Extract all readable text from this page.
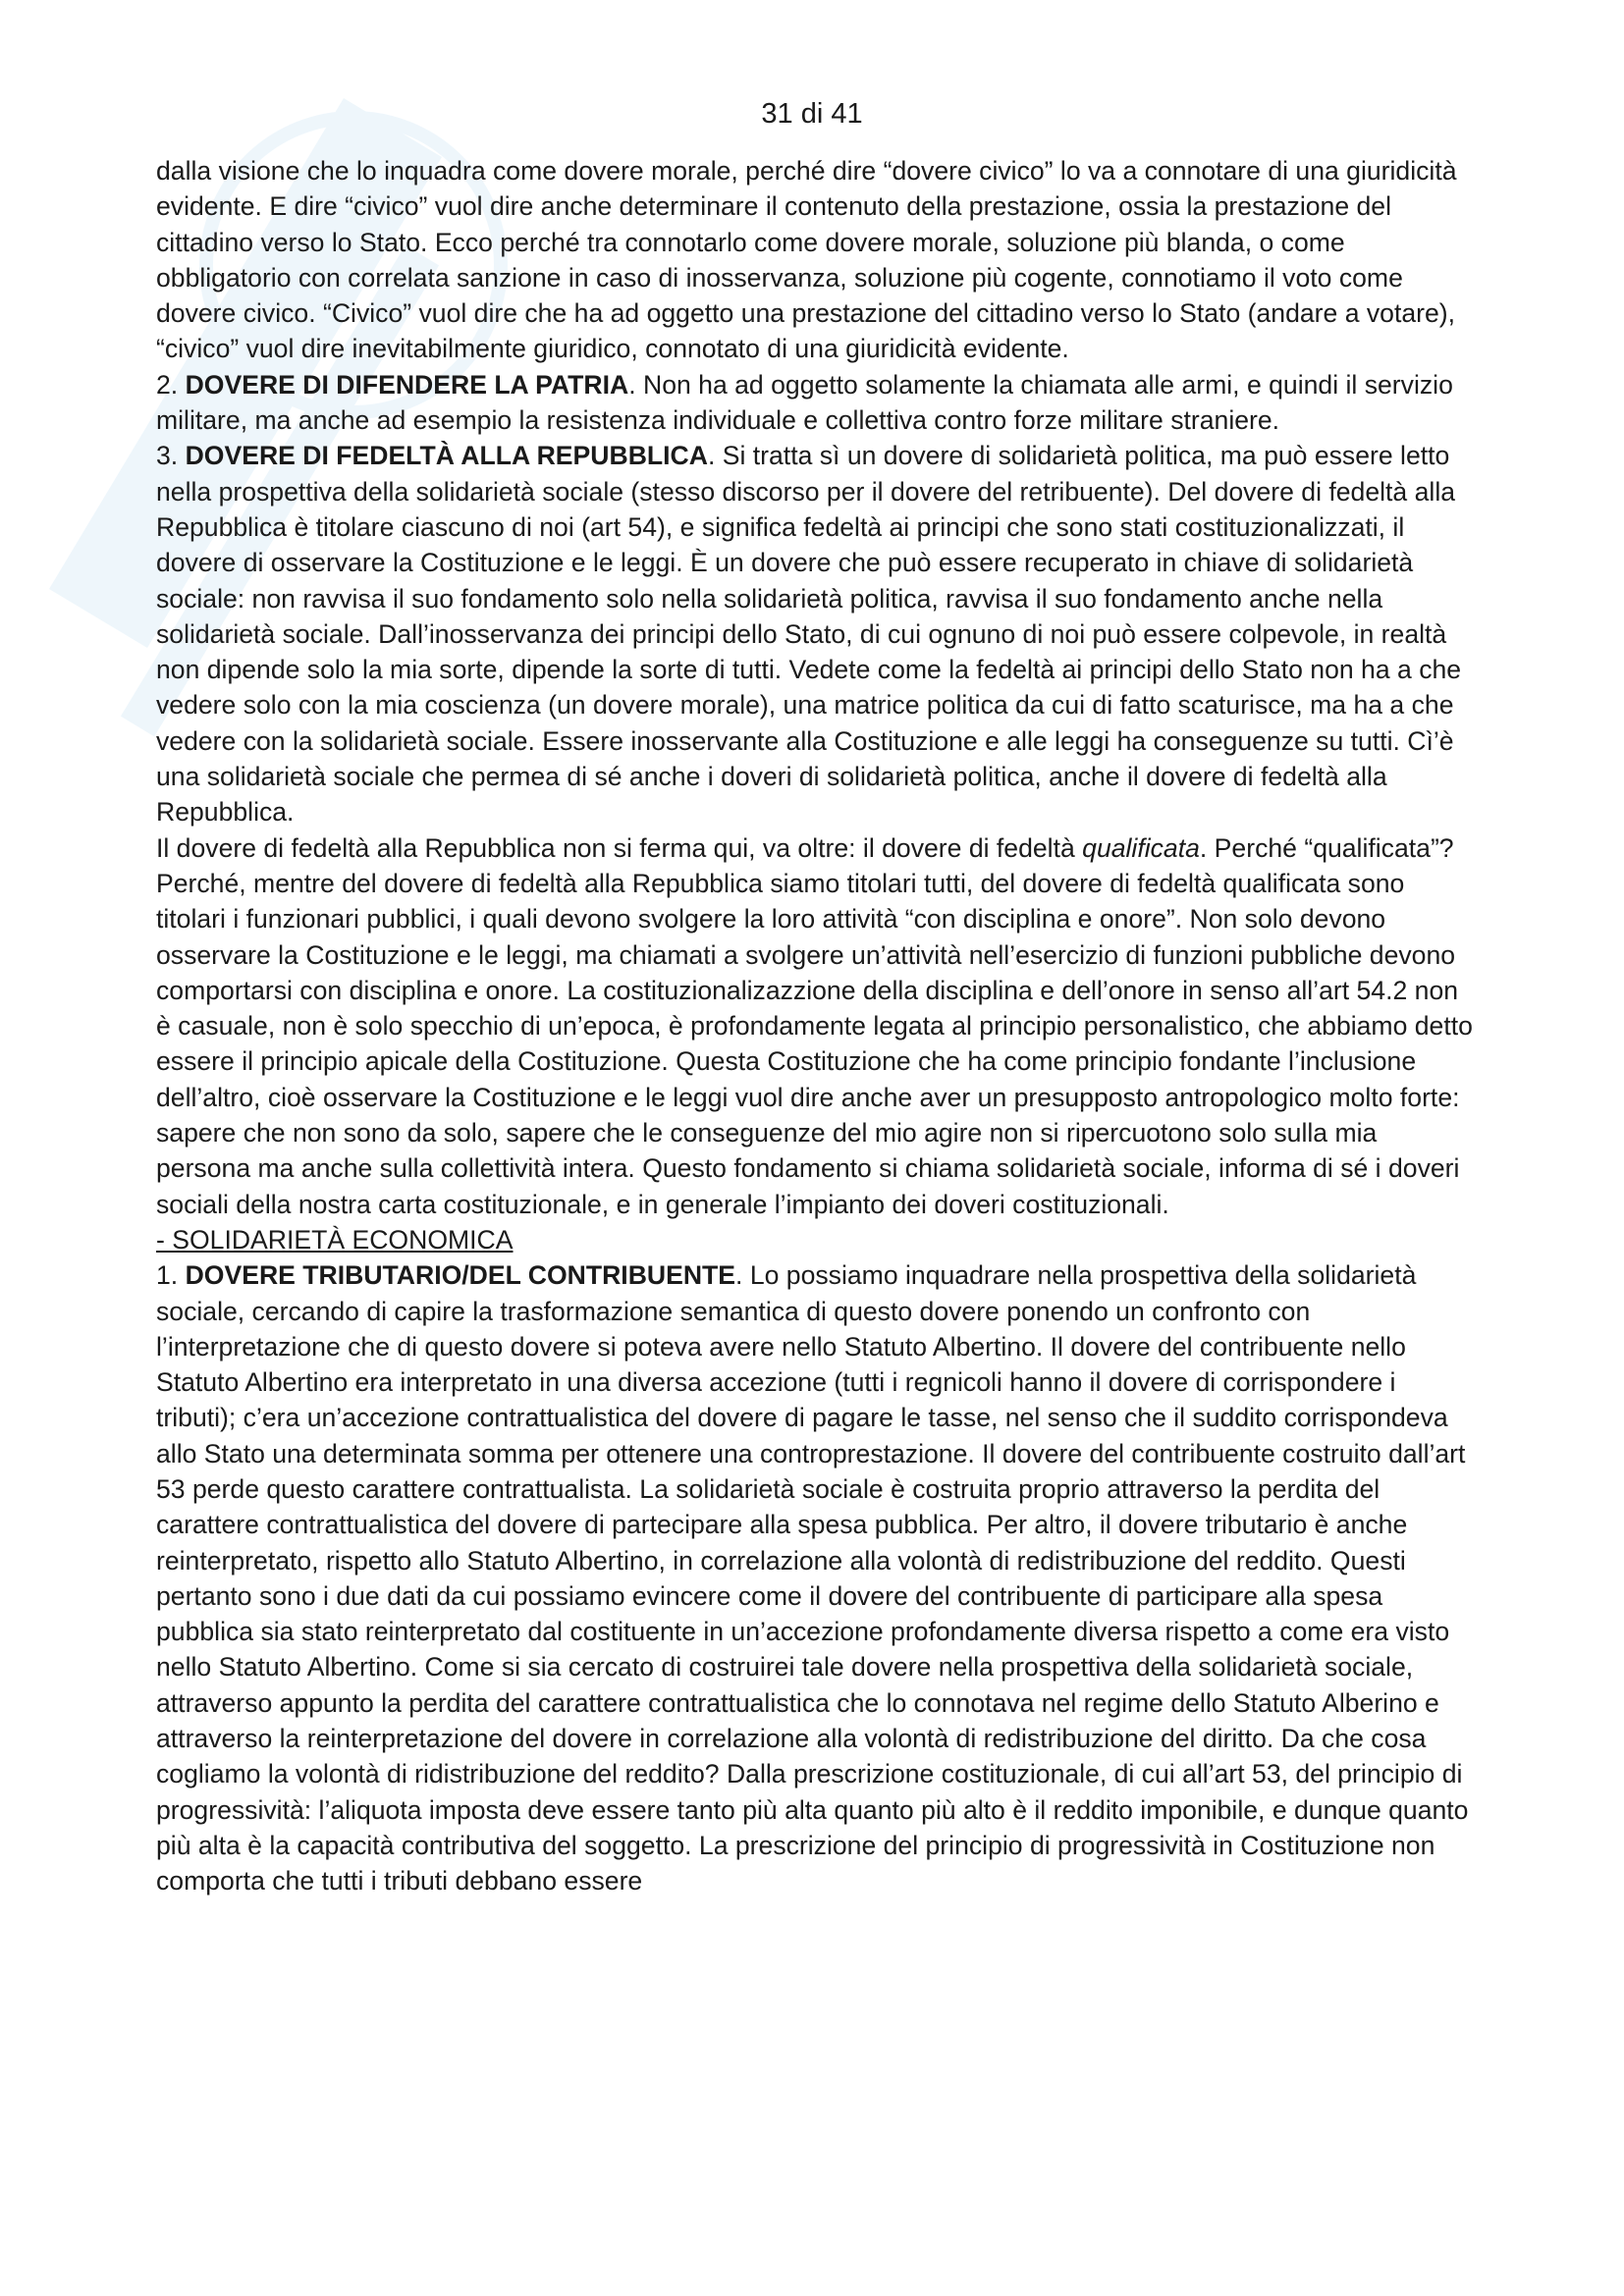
31 di 41

dalla visione che lo inquadra come dovere morale, perché dire “dovere civico” lo va a connotare di una giuridicità evidente. E dire “civico” vuol dire anche determinare il contenuto della prestazione, ossia la prestazione del cittadino verso lo Stato. Ecco perché tra connotarlo come dovere morale, soluzione più blanda, o come obbligatorio con correlata sanzione in caso di inosservanza, soluzione più cogente, connotiamo il voto come dovere civico. “Civico” vuol dire che ha ad oggetto una prestazione del cittadino verso lo Stato (andare a votare), “civico” vuol dire inevitabilmente giuridico, connotato di una giuridicità evidente.

2. DOVERE DI DIFENDERE LA PATRIA. Non ha ad oggetto solamente la chiamata alle armi, e quindi il servizio militare, ma anche ad esempio la resistenza individuale e collettiva contro forze militare straniere.

3. DOVERE DI FEDELTÀ ALLA REPUBBLICA. Si tratta sì un dovere di solidarietà politica, ma può essere letto nella prospettiva della solidarietà sociale (stesso discorso per il dovere del retribuente). Del dovere di fedeltà alla Repubblica è titolare ciascuno di noi (art 54), e significa fedeltà ai principi che sono stati costituzionalizzati, il dovere di osservare la Costituzione e le leggi. È un dovere che può essere recuperato in chiave di solidarietà sociale: non ravvisa il suo fondamento solo nella solidarietà politica, ravvisa il suo fondamento anche nella solidarietà sociale. Dall’inosservanza dei principi dello Stato, di cui ognuno di noi può essere colpevole, in realtà non dipende solo la mia sorte, dipende la sorte di tutti. Vedete come la fedeltà ai principi dello Stato non ha a che vedere solo con la mia coscienza (un dovere morale), una matrice politica da cui di fatto scaturisce, ma ha a che vedere con la solidarietà sociale. Essere inosservante alla Costituzione e alle leggi ha conseguenze su tutti. Cì’è una solidarietà sociale che permea di sé anche i doveri di solidarietà politica, anche il dovere di fedeltà alla Repubblica.

Il dovere di fedeltà alla Repubblica non si ferma qui, va oltre: il dovere di fedeltà qualificata. Perché “qualificata”? Perché, mentre del dovere di fedeltà alla Repubblica siamo titolari tutti, del dovere di fedeltà qualificata sono titolari i funzionari pubblici, i quali devono svolgere la loro attività “con disciplina e onore”. Non solo devono osservare la Costituzione e le leggi, ma chiamati a svolgere un’attività nell’esercizio di funzioni pubbliche devono comportarsi con disciplina e onore. La costituzionalizazzione della disciplina e dell’onore in senso all’art 54.2 non è casuale, non è solo specchio di un’epoca, è profondamente legata al principio personalistico, che abbiamo detto essere il principio apicale della Costituzione. Questa Costituzione che ha come principio fondante l’inclusione dell’altro, cioè osservare la Costituzione e le leggi vuol dire anche aver un presupposto antropologico molto forte: sapere che non sono da solo, sapere che le conseguenze del mio agire non si ripercuotono solo sulla mia persona ma anche sulla collettività intera. Questo fondamento si chiama solidarietà sociale, informa di sé i doveri sociali della nostra carta costituzionale, e in generale l’impianto dei doveri costituzionali.

- SOLIDARIETÀ ECONOMICA

1. DOVERE TRIBUTARIO/DEL CONTRIBUENTE. Lo possiamo inquadrare nella prospettiva della solidarietà sociale, cercando di capire la trasformazione semantica di questo dovere ponendo un confronto con l’interpretazione che di questo dovere si poteva avere nello Statuto Albertino. Il dovere del contribuente nello Statuto Albertino era interpretato in una diversa accezione (tutti i regnicoli hanno il dovere di corrispondere i tributi); c’era un’accezione contrattualistica del dovere di pagare le tasse, nel senso che il suddito corrispondeva allo Stato una determinata somma per ottenere una controprestazione. Il dovere del contribuente costruito dall’art 53 perde questo carattere contrattualista. La solidarietà sociale è costruita proprio attraverso la perdita del carattere contrattualistica del dovere di partecipare alla spesa pubblica. Per altro, il dovere tributario è anche reinterpretato, rispetto allo Statuto Albertino, in correlazione alla volontà di redistribuzione del reddito. Questi pertanto sono i due dati da cui possiamo evincere come il dovere del contribuente di participare alla spesa pubblica sia stato reinterpretato dal costituente in un’accezione profondamente diversa rispetto a come era visto nello Statuto Albertino. Come si sia cercato di costruirei tale dovere nella prospettiva della solidarietà sociale, attraverso appunto la perdita del carattere contrattualistica che lo connotava nel regime dello Statuto Alberino e attraverso la reinterpretazione del dovere in correlazione alla volontà di redistribuzione del diritto. Da che cosa cogliamo la volontà di ridistribuzione del reddito? Dalla prescrizione costituzionale, di cui all’art 53, del principio di progressività: l’aliquota imposta deve essere tanto più alta quanto più alto è il reddito imponibile, e dunque quanto più alta è la capacità contributiva del soggetto. La prescrizione del principio di progressività in Costituzione non comporta che tutti i tributi debbano essere
